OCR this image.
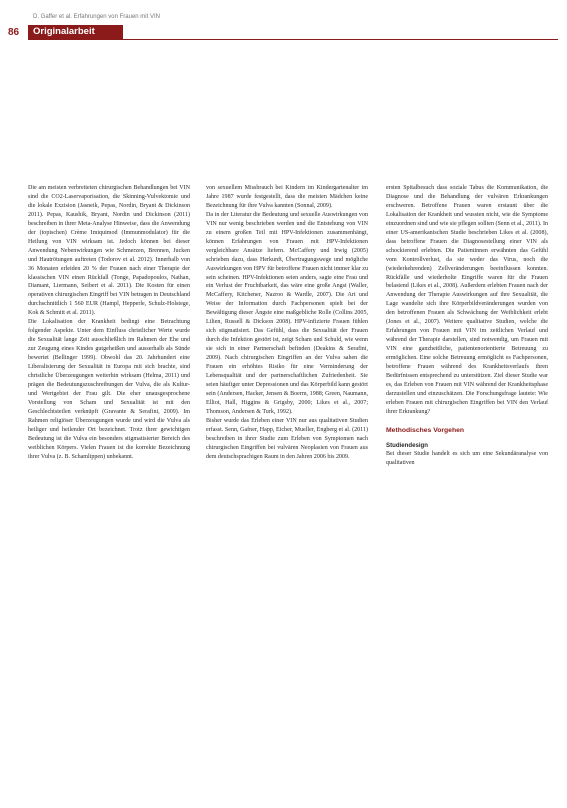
D. Gaffer et al. Erfahrungen von Frauen mit VIN
86	Originalarbeit

Die am meisten verbreiteten chirurgischen Behandlungen bei VIN sind die CO2-Laservaporisation, die Skinning-Vulvektomie und die lokale Exzision (Jasneik, Pepas, Nordin, Bryant & Dickinson 2011). Pepas, Kaushik, Bryant, Nordin und Dickinson (2011) beschreiben in ihrer Meta-Analyse Hinweise, dass die Anwendung der (topischen) Crème Imiquimod (Immunmodulator) für die Heilung von VIN wirksam ist. Jedoch können bei dieser Anwendung Nebenwirkungen wie Schmerzen, Brennen, Jucken und Hautrötungen auftreten (Todorov et al. 2012). Innerhalb von 36 Monaten erleiden 20 % der Frauen nach einer Therapie der klassischen VIN einen Rückfall (Tonge, Papadopoulos, Nathan, Diamant, Liermann, Seibert et al. 2011). Die Kosten für einen operativen chirurgischen Eingriff bei VIN betragen in Deutschland durchschnittlich 1 560 EUR (Hampl, Hepperle, Schulz-Holstege, Kok & Schmitt et al. 2011).

Die Lokalisation der Krankheit bedingt eine Betrachtung folgender Aspekte. Unter dem Einfluss christlicher Werte wurde die Sexualität lange Zeit ausschließlich im Rahmen der Ehe und zur Zeugung eines Kindes gutgeheißen und ausserhalb als Sünde bewertet (Bellinger 1999). Obwohl das 20. Jahrhundert eine Liberalisierung der Sexualität in Europa mit sich brachte, sind christliche Überzeugungen weiterhin wirksam (Helma, 2011) und prägen die Bedeutungszuschreibungen der Vulva, die als Kultur- und Wertgebiet der Frau gilt. Die eher unausgesprochene Vorstellung von Scham und Sexualität ist mit den Geschlechtsteilen verknüpft (Gravante & Serafini, 2009). Im Rahmen religiöser Überzeugungen wurde und wird die Vulva als heiliger und heilender Ort bezeichnet. Trotz ihrer gewichtigen Bedeutung ist die Vulva ein besonders stigmatisierter Bereich des weiblichen Körpers. Vielen Frauen ist die korrekte Bezeichnung ihrer Vulva (z. B. Schamlippen) unbekannt.

von sexuellem Missbrauch bei Kindern im Kindergartenalter im Jahre 1987 wurde festgestellt, dass die meisten Mädchen keine Bezeichnung für ihre Vulva kannten (Sonnal, 2009).

Da in der Literatur die Bedeutung und sexuelle Auswirkungen von VIN nur wenig beschrieben werden und die Entstehung von VIN zu einem großen Teil mit HPV-Infektionen zusammenhängt, können Erfahrungen von Frauen mit HPV-Infektionen vergleichbare Ansätze liefern. McCaffery und Irwig (2005) schrieben dazu, dass Herkunft, Übertragungswege und mögliche Auswirkungen von HPV für betroffene Frauen nicht immer klar zu sein scheinen. HPV-Infektionen seien anders, sagte eine Frau und ein Verlust der Fruchtbarkeit, das wäre eine große Angst (Waller, McCaffery, Kitchener, Nazroo & Wardle, 2007). Die Art und Weise der Information durch Fachpersonen spielt bei der Bewältigung dieser Ängste eine maßgebliche Rolle (Collins 2005, Lilien, Russell & Dickson 2008). HPV-infizierte Frauen fühlen sich stigmatisiert. Das Gefühl, dass die Sexualität der Frauen durch die Infektion gestört ist, zeigt Scham und Schuld, wie wenn sie sich in einer Partnerschaft befinden (Deakins & Serafini, 2009). Nach chirurgischen Eingriffen an der Vulva sahen die Frauen ein erhöhtes Risiko für eine Verminderung der Lebensqualität und der partnerschaftlichen Zufriedenheit. Sie seien häufiger unter Depressionen und das Körperbild kann gestört sein (Andersen, Hacker, Jensen & Boerm, 1988; Green, Naumann, Elliot, Hall, Higgins & Grigsby, 2000; Likes et al., 2007; Thomson, Andersen & Turk, 1992).

Bisher wurde das Erleben einer VIN nur aus qualitativen Studien erfasst. Senn, Gafner, Happ, Eicher, Mueller, Engberg et al. (2011) beschreiben in ihrer Studie zum Erleben von Symptomen nach chirurgischen Eingriffen bei vulvären Neoplasien von Frauen aus dem deutschsprachigen Raum in den Jahren 2006 bis 2009.

ersten Spitalbesuch dass soziale Tabus die Kommunikation, die Diagnose und die Behandlung der vulvären Erkrankungen erschweren. Betroffene Frauen waren erstaunt über die Lokalisation der Krankheit und wussten nicht, wie die Symptome einzuordnen sind und wie sie pflegen sollten (Senn et al., 2011). In einer US-amerikanischen Studie beschrieben Likes et al. (2008), dass betroffene Frauen die Diagnosestellung einer VIN als schockierend erlebten. Die Patientinnen erwähnten das Gefühl vom Kontrollverlust, da sie weder das Virus, noch die (wiederkehrenden) Zellveränderungen beeinflussen konnten. Rückfälle und wiederholte Eingriffe waren für die Frauen belastend (Likes et al., 2008). Außerdem erlebten Frauen nach der Anwendung der Therapie Auswirkungen auf ihre Sexualität, die Lage wandelte sich ihre Körperbildveränderungen wurden von den betroffenen Frauen als Schwächung der Weiblichkeit erlebt (Jones et al., 2007). Weitere qualitative Studien, welche die Erfahrungen von Frauen mit VIN im zeitlichen Verlauf und während der Therapie darstellen, sind notwendig, um Frauen mit VIN eine ganzheitliche, patientenorientierte Betreuung zu ermöglichen. Eine solche Betreuung ermöglicht es Fachpersonen, betroffene Frauen während des Krankheitsverlaufs ihren Bedürfnissen entsprechend zu unterstützen. Ziel dieser Studie war es, das Erleben von Frauen mit VIN während der Krankheitsphase darzustellen und einzuschätzen. Die Forschungsfrage lautete: Wie erleben Frauen mit chirurgischen Eingriffen bei VIN den Verlauf ihrer Erkrankung?

Methodisches Vorgehen

Studiendesign

Bei dieser Studie handelt es sich um eine Sekundäranalyse von qualitativen
